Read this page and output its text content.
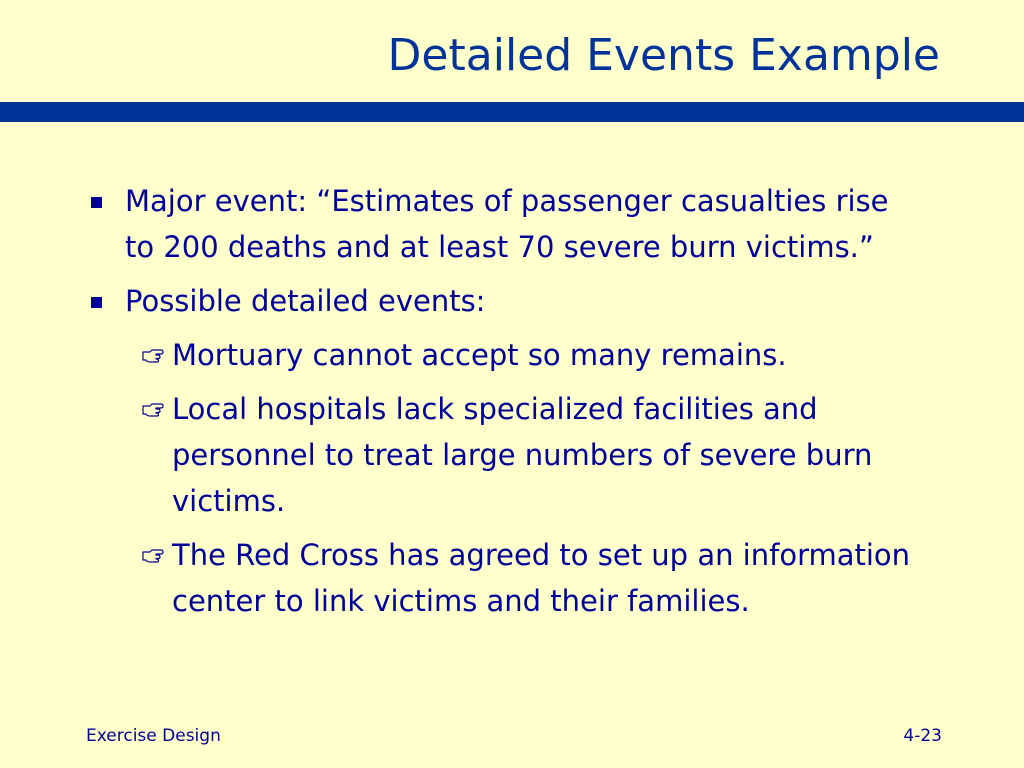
Detailed Events Example
Major event: “Estimates of passenger casualties rise to 200 deaths and at least 70 severe burn victims.”
Possible detailed events:
Mortuary cannot accept so many remains.
Local hospitals lack specialized facilities and personnel to treat large numbers of severe burn victims.
The Red Cross has agreed to set up an information center to link victims and their families.
Exercise Design	4-23
